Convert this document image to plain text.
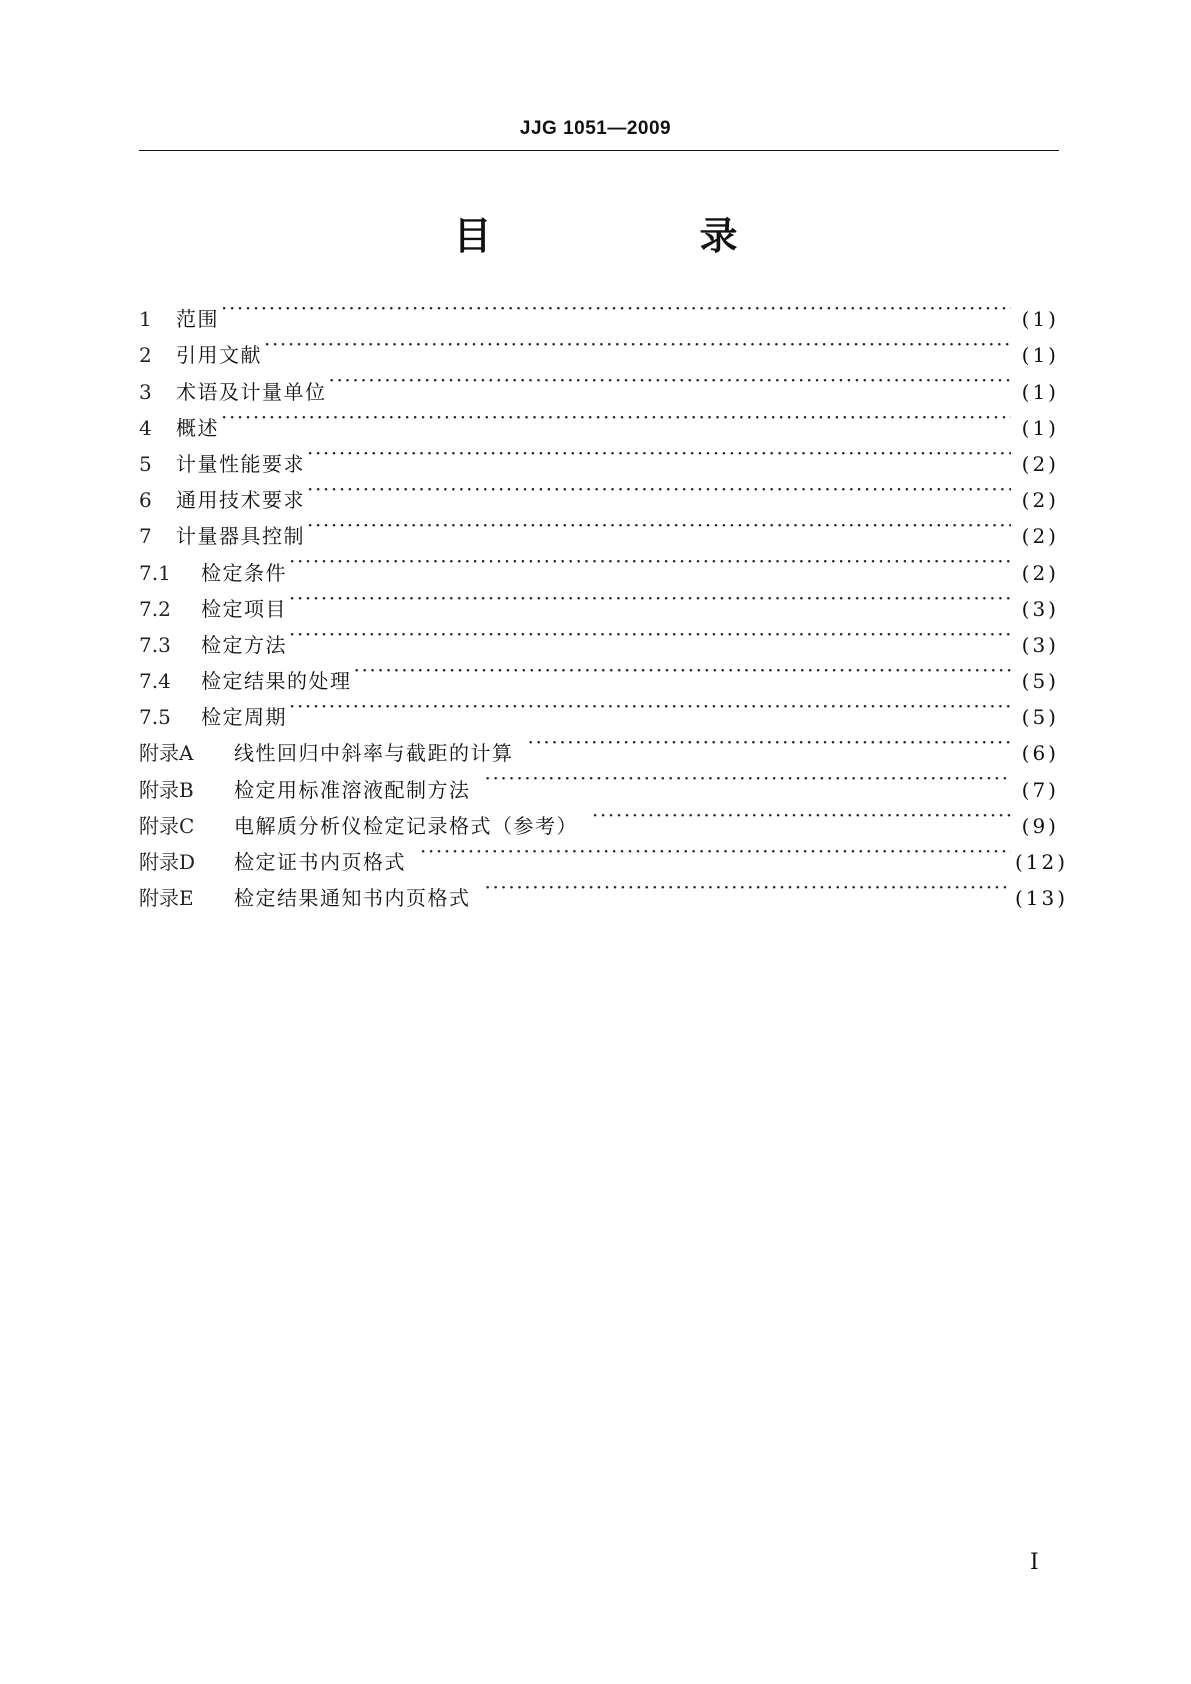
JJG 1051—2009
目　录
1	范围 ·····	(1)
2	引用文献 ·····	(1)
3	术语及计量单位 ·····	(1)
4	概述 ·····	(1)
5	计量性能要求 ·····	(2)
6	通用技术要求 ·····	(2)
7	计量器具控制 ·····	(2)
7.1	检定条件 ·····	(2)
7.2	检定项目 ·····	(3)
7.3	检定方法 ·····	(3)
7.4	检定结果的处理 ·····	(5)
7.5	检定周期 ·····	(5)
附录A	线性回归中斜率与截距的计算 ·····	(6)
附录B	检定用标准溶液配制方法 ·····	(7)
附录C	电解质分析仪检定记录格式（参考） ·····	(9)
附录D	检定证书内页格式 ·····	(12)
附录E	检定结果通知书内页格式 ·····	(13)
I
